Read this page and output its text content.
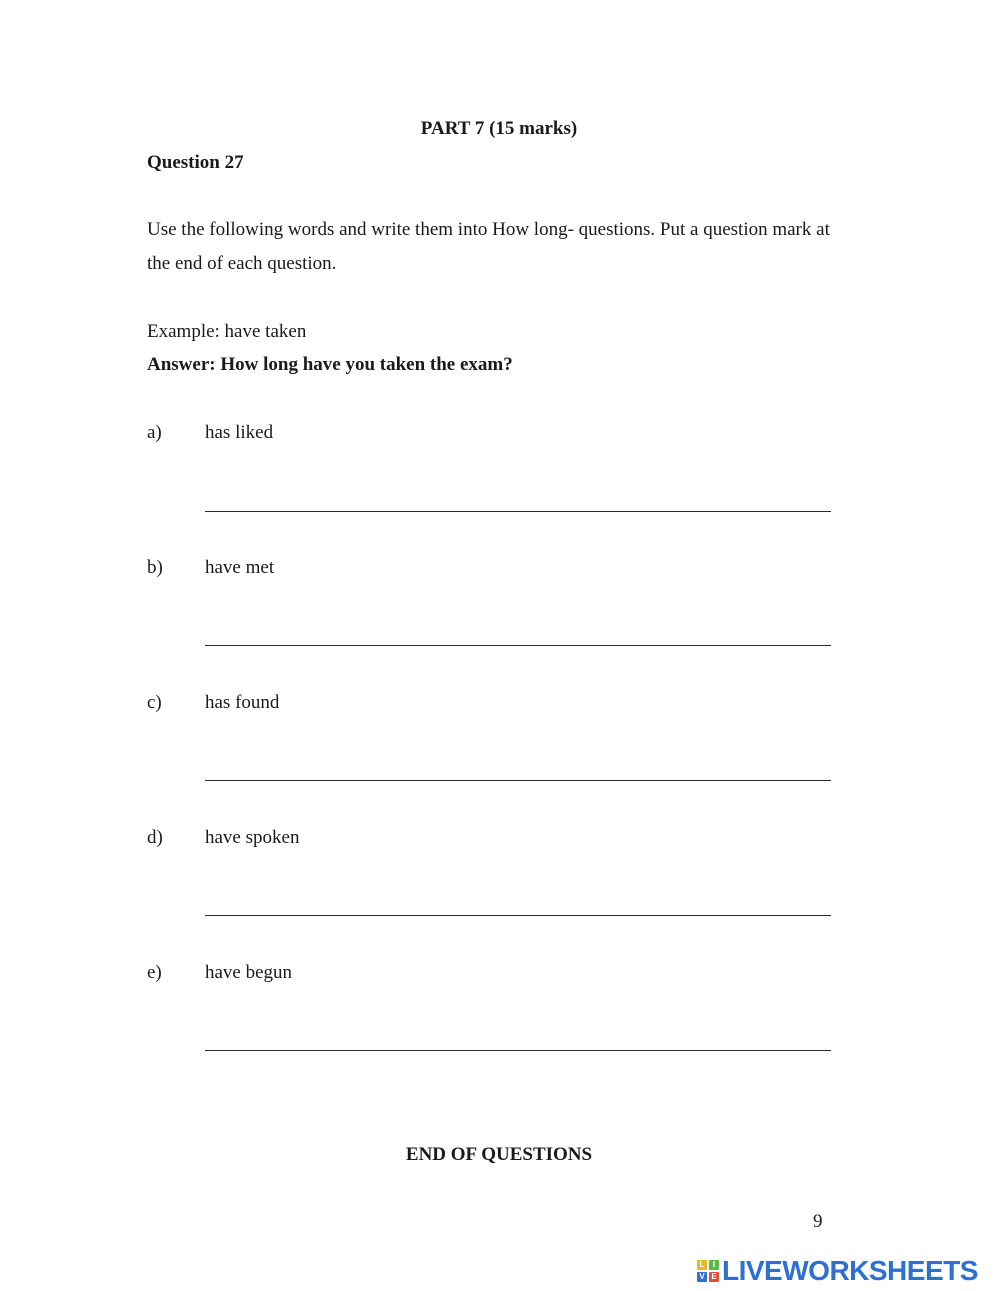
PART 7 (15 marks)
Question 27
Use the following words and write them into How long- questions. Put a question mark at
the end of each question.
Example: have taken
Answer: How long have you taken the exam?
a) has liked
b) have met
c) has found
d) have spoken
e) have begun
END OF QUESTIONS
9
L	I
V E LIVEWORKSHEETS
